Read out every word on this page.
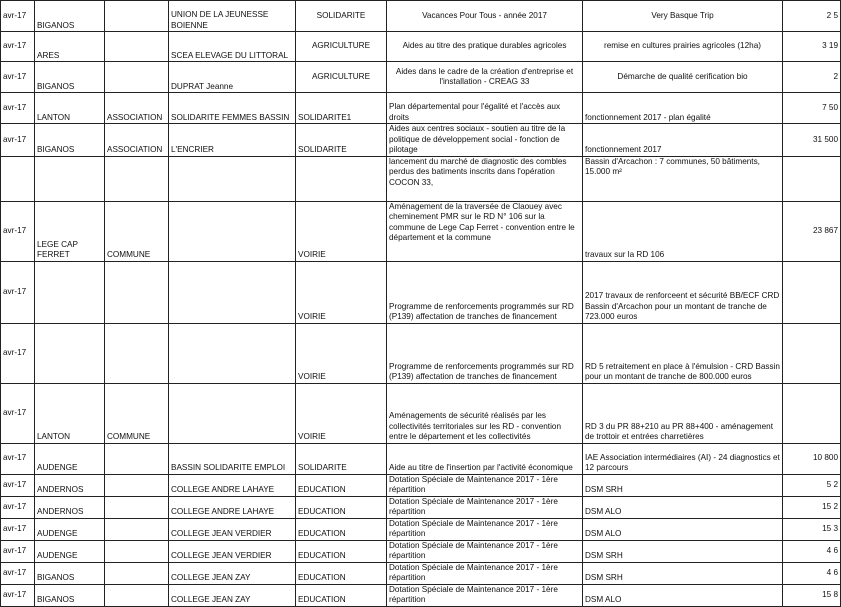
avr-17	BIGANOS		UNION DE LA JEUNESSE BOIENNE	SOLIDARITE	Vacances Pour Tous - année 2017	Very Basque Trip	2 5
avr-17	ARES		SCEA ELEVAGE DU LITTORAL	AGRICULTURE	Aides au titre des pratique durables agricoles	remise en cultures prairies agricoles (12ha)	3 19
avr-17	BIGANOS		DUPRAT Jeanne	AGRICULTURE	Aides dans le cadre de la création d'entreprise et l'installation - CREAG 33	Démarche de qualité cerification bio	2
avr-17	LANTON	ASSOCIATION	SOLIDARITE FEMMES BASSIN	SOLIDARITE1	Plan départemental pour l'égalité et l'accès aux droits	fonctionnement 2017 - plan égalité	7 50
avr-17	BIGANOS	ASSOCIATION	L'ENCRIER	SOLIDARITE	Aides aux centres sociaux - soutien au titre de la politique de développement social - fonction de pilotage	fonctionnement 2017	31 500
					lancement du marché de diagnostic des combles perdus des batiments inscrits dans l'opération COCON 33,	Bassin d'Arcachon : 7 communes, 50 bâtiments, 15.000 m²	
avr-17	LEGE CAP FERRET	COMMUNE		VOIRIE	Aménagement de la traversée de Claouey avec cheminement PMR sur le RD N° 106 sur la commune de Lege Cap Ferret - convention entre le département et la commune	travaux sur la RD 106	23 867
avr-17				VOIRIE	Programme de renforcements programmés sur RD (P139) affectation de tranches de financement	2017 travaux de renforceent et sécurité BB/ECF CRD Bassin d'Arcachon pour un montant de tranche de 723.000 euros	
avr-17				VOIRIE	Programme de renforcements programmés sur RD (P139) affectation de tranches de financement	RD 5 retraitement en place à l'émulsion - CRD Bassin pour un montant de tranche de 800.000 euros	
avr-17	LANTON	COMMUNE		VOIRIE	Aménagements de sécurité réalisés par les collectivités territoriales sur les RD - convention entre le département et les collectivités	RD 3 du PR 88+210 au PR 88+400 - aménagement de trottoir et entrées charretières	
avr-17	AUDENGE		BASSIN SOLIDARITE EMPLOI	SOLIDARITE	Aide au titre de l'insertion par l'activité économique	IAE Association intermédiaires (AI) - 24 diagnostics et 12 parcours	10 800
avr-17	ANDERNOS		COLLEGE ANDRE LAHAYE	EDUCATION	Dotation Spéciale de Maintenance 2017 - 1ère répartition	DSM SRH	5 2
avr-17	ANDERNOS		COLLEGE ANDRE LAHAYE	EDUCATION	Dotation Spéciale de Maintenance 2017 - 1ère répartition	DSM ALO	15 2
avr-17	AUDENGE		COLLEGE JEAN VERDIER	EDUCATION	Dotation Spéciale de Maintenance 2017 - 1ère répartition	DSM ALO	15 3
avr-17	AUDENGE		COLLEGE JEAN VERDIER	EDUCATION	Dotation Spéciale de Maintenance 2017 - 1ère répartition	DSM SRH	4 6
avr-17	BIGANOS		COLLEGE JEAN ZAY	EDUCATION	Dotation Spéciale de Maintenance 2017 - 1ère répartition	DSM SRH	4 6
avr-17	BIGANOS		COLLEGE JEAN ZAY	EDUCATION	Dotation Spéciale de Maintenance 2017 - 1ère répartition	DSM ALO	15 8
